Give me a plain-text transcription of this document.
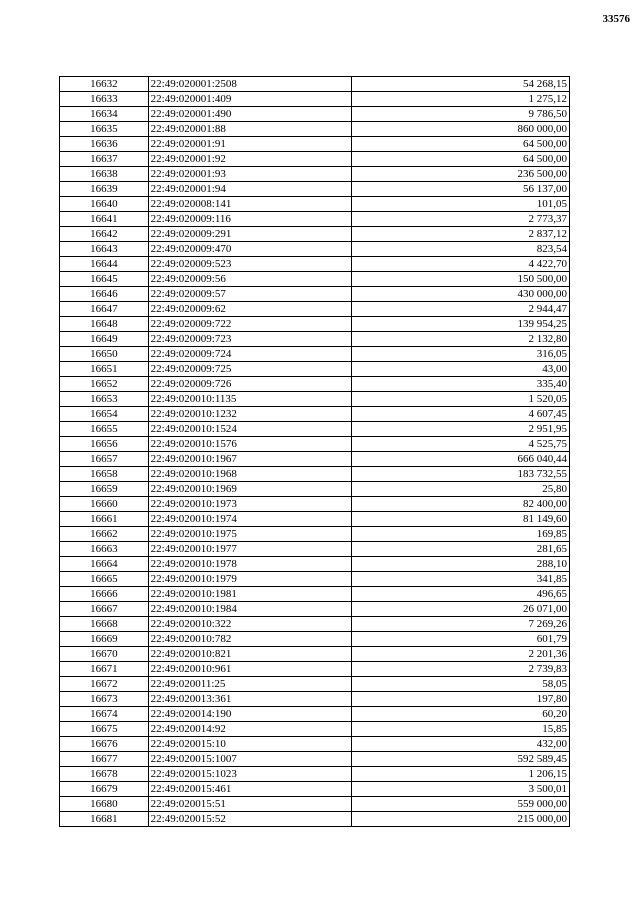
33576
16632	22:49:020001:2508	54 268,15
16633	22:49:020001:409	1 275,12
16634	22:49:020001:490	9 786,50
16635	22:49:020001:88	860 000,00
16636	22:49:020001:91	64 500,00
16637	22:49:020001:92	64 500,00
16638	22:49:020001:93	236 500,00
16639	22:49:020001:94	56 137,00
16640	22:49:020008:141	101,05
16641	22:49:020009:116	2 773,37
16642	22:49:020009:291	2 837,12
16643	22:49:020009:470	823,54
16644	22:49:020009:523	4 422,70
16645	22:49:020009:56	150 500,00
16646	22:49:020009:57	430 000,00
16647	22:49:020009:62	2 944,47
16648	22:49:020009:722	139 954,25
16649	22:49:020009:723	2 132,80
16650	22:49:020009:724	316,05
16651	22:49:020009:725	43,00
16652	22:49:020009:726	335,40
16653	22:49:020010:1135	1 520,05
16654	22:49:020010:1232	4 607,45
16655	22:49:020010:1524	2 951,95
16656	22:49:020010:1576	4 525,75
16657	22:49:020010:1967	666 040,44
16658	22:49:020010:1968	183 732,55
16659	22:49:020010:1969	25,80
16660	22:49:020010:1973	82 400,00
16661	22:49:020010:1974	81 149,60
16662	22:49:020010:1975	169,85
16663	22:49:020010:1977	281,65
16664	22:49:020010:1978	288,10
16665	22:49:020010:1979	341,85
16666	22:49:020010:1981	496,65
16667	22:49:020010:1984	26 071,00
16668	22:49:020010:322	7 269,26
16669	22:49:020010:782	601,79
16670	22:49:020010:821	2 201,36
16671	22:49:020010:961	2 739,83
16672	22:49:020011:25	58,05
16673	22:49:020013:361	197,80
16674	22:49:020014:190	60,20
16675	22:49:020014:92	15,85
16676	22:49:020015:10	432,00
16677	22:49:020015:1007	592 589,45
16678	22:49:020015:1023	1 206,15
16679	22:49:020015:461	3 500,01
16680	22:49:020015:51	559 000,00
16681	22:49:020015:52	215 000,00
